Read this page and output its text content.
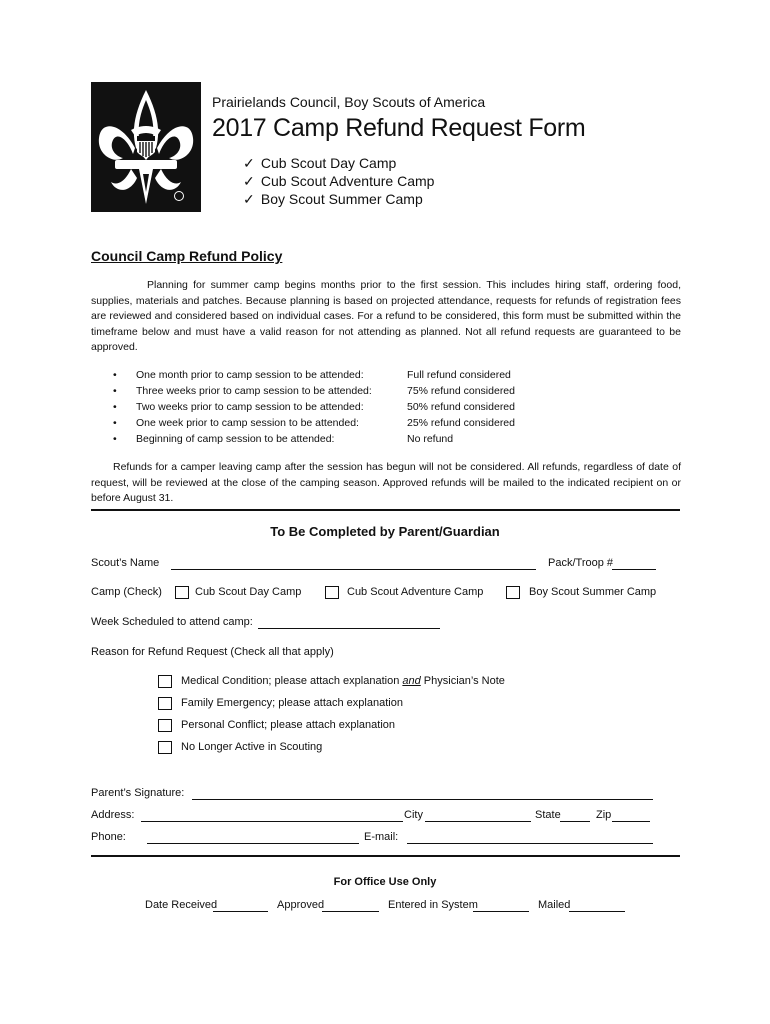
Prairielands Council, Boy Scouts of America
2017 Camp Refund Request Form
✓ Cub Scout Day Camp
✓ Cub Scout Adventure Camp
✓ Boy Scout Summer Camp
Council Camp Refund Policy
Planning for summer camp begins months prior to the first session. This includes hiring staff, ordering food, supplies, materials and patches. Because planning is based on projected attendance, requests for refunds of registration fees are reviewed and considered based on individual cases. For a refund to be considered, this form must be submitted within the timeframe below and must have a valid reason for not attending as planned. Not all refund requests are guaranteed to be approved.
•	One month prior to camp session to be attended:	Full refund considered
•	Three weeks prior to camp session to be attended:	75% refund considered
•	Two weeks prior to camp session to be attended:	50% refund considered
•	One week prior to camp session to be attended:	25% refund considered
•	Beginning of camp session to be attended:	No refund
Refunds for a camper leaving camp after the session has begun will not be considered. All refunds, regardless of date of request, will be reviewed at the close of the camping season. Approved refunds will be mailed to the indicated recipient on or before August 31.
To Be Completed by Parent/Guardian
Scout’s Name	Pack/Troop #
Camp (Check)	Cub Scout Day Camp	Cub Scout Adventure Camp	Boy Scout Summer Camp
Week Scheduled to attend camp:
Reason for Refund Request (Check all that apply)
Medical Condition; please attach explanation and Physician’s Note
Family Emergency; please attach explanation
Personal Conflict; please attach explanation
No Longer Active in Scouting
Parent’s Signature:
Address:	City	State	Zip
Phone:	E-mail:
For Office Use Only
Date Received	Approved	Entered in System	Mailed
